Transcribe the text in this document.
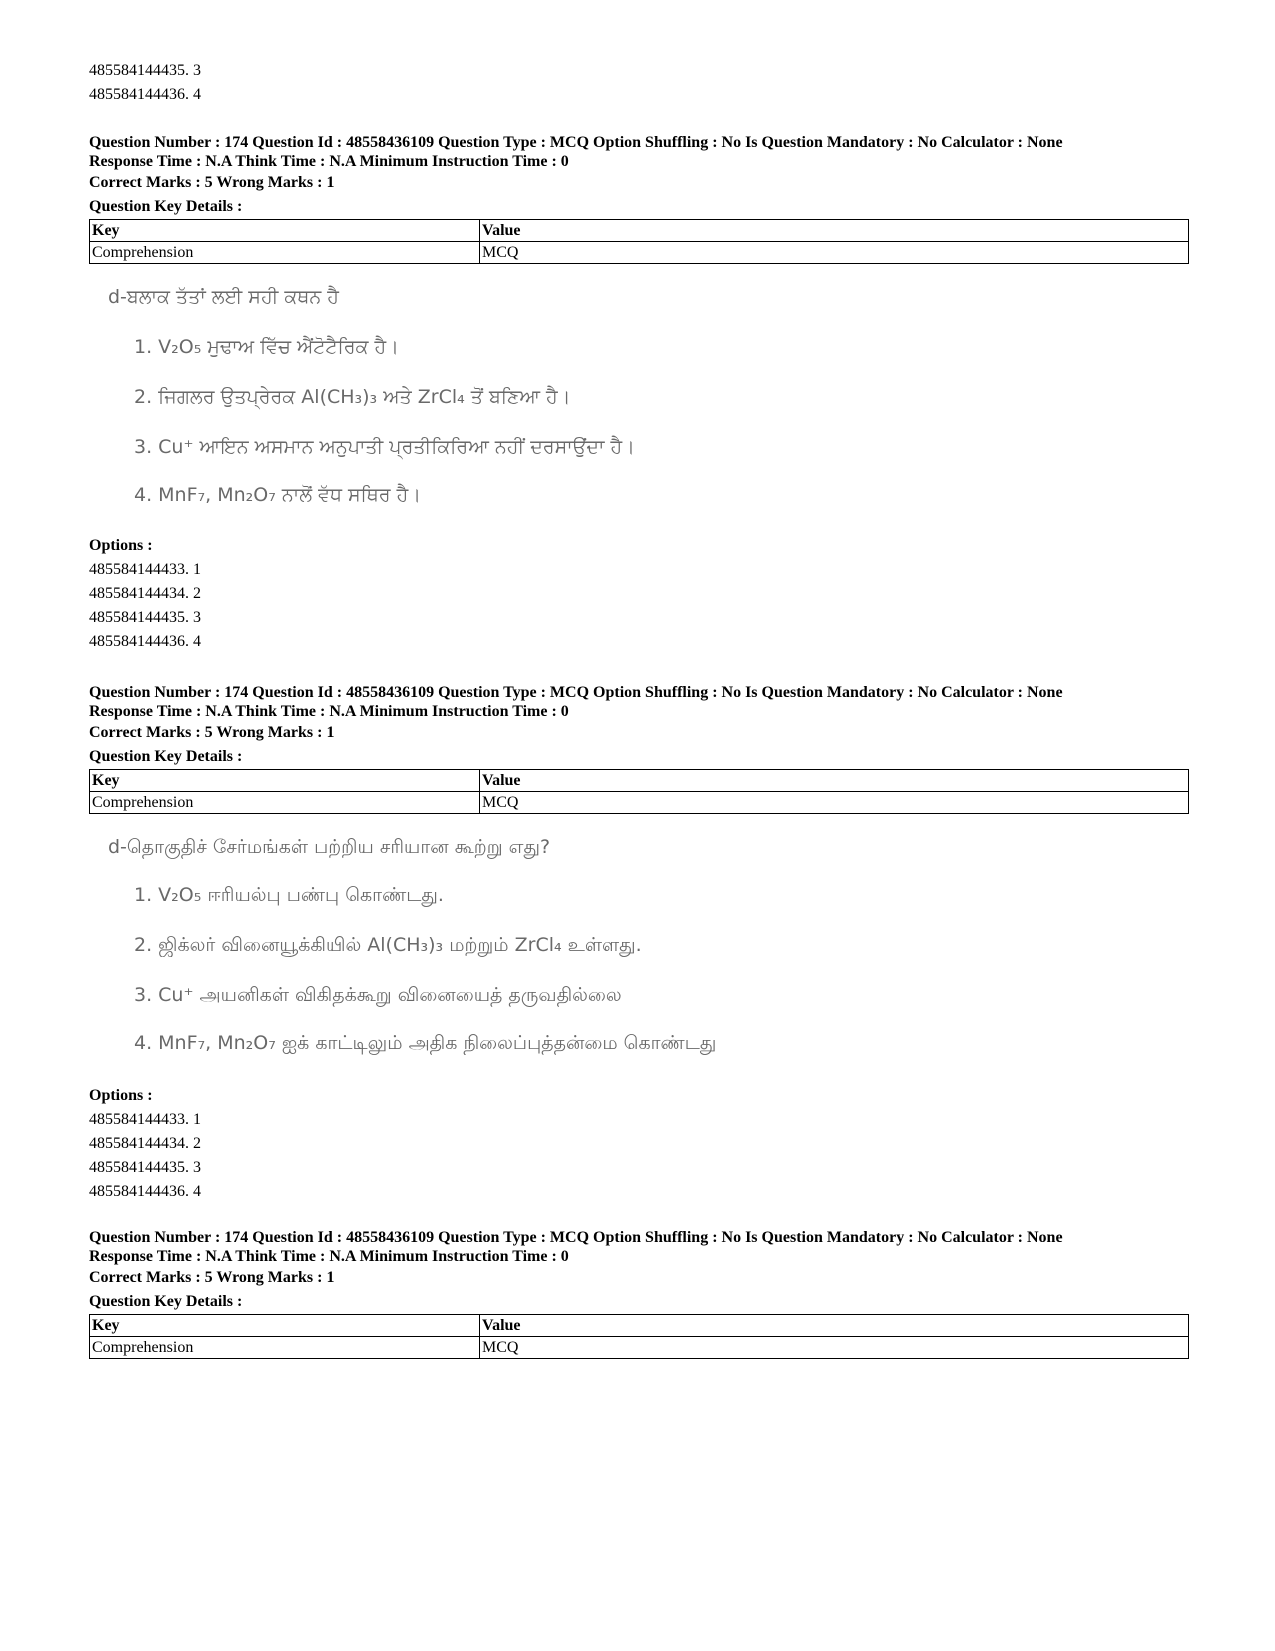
485584144435. 3
485584144436. 4
Question Number : 174 Question Id : 48558436109 Question Type : MCQ Option Shuffling : No Is Question Mandatory : No Calculator : None
Response Time : N.A Think Time : N.A Minimum Instruction Time : 0
Correct Marks : 5 Wrong Marks : 1
Question Key Details :
Key	Value
Comprehension	MCQ
d-ਬਲਾਕ ਤੱਤਾਂ ਲਈ ਸਹੀ ਕਥਨ ਹੈ
1. V₂O₅ ਮੁਢਾਅ ਵਿੱਚ ਐਂਟੋਟੈਰਿਕ ਹੈ।
2. ਜਿਗਲਰ ਉਤਪ੍ਰੇਰਕ Al(CH₃)₃ ਅਤੇ ZrCl₄ ਤੋਂ ਬਣਿਆ ਹੈ।
3. Cu⁺ ਆਇਨ ਅਸਮਾਨ ਅਨੁਪਾਤੀ ਪ੍ਰਤੀਕਿਰਿਆ ਨਹੀਂ ਦਰਸਾਉਂਦਾ ਹੈ।
4. MnF₇, Mn₂O₇ ਨਾਲੋਂ ਵੱਧ ਸਥਿਰ ਹੈ।
Options :
485584144433. 1
485584144434. 2
485584144435. 3
485584144436. 4
Question Number : 174 Question Id : 48558436109 Question Type : MCQ Option Shuffling : No Is Question Mandatory : No Calculator : None
Response Time : N.A Think Time : N.A Minimum Instruction Time : 0
Correct Marks : 5 Wrong Marks : 1
Question Key Details :
Key	Value
Comprehension	MCQ
d-தொகுதிச் சேர்மங்கள் பற்றிய சரியான கூற்று எது?
1. V₂O₅ ஈரியல்பு பண்பு கொண்டது.
2. ஜிக்லர் வினையூக்கியில் Al(CH₃)₃ மற்றும் ZrCl₄ உள்ளது.
3. Cu⁺ அயனிகள் விகிதக்கூறு வினையைத் தருவதில்லை
4. MnF₇, Mn₂O₇ ஐக் காட்டிலும் அதிக நிலைப்புத்தன்மை கொண்டது
Options :
485584144433. 1
485584144434. 2
485584144435. 3
485584144436. 4
Question Number : 174 Question Id : 48558436109 Question Type : MCQ Option Shuffling : No Is Question Mandatory : No Calculator : None
Response Time : N.A Think Time : N.A Minimum Instruction Time : 0
Correct Marks : 5 Wrong Marks : 1
Question Key Details :
Key	Value
Comprehension	MCQ
